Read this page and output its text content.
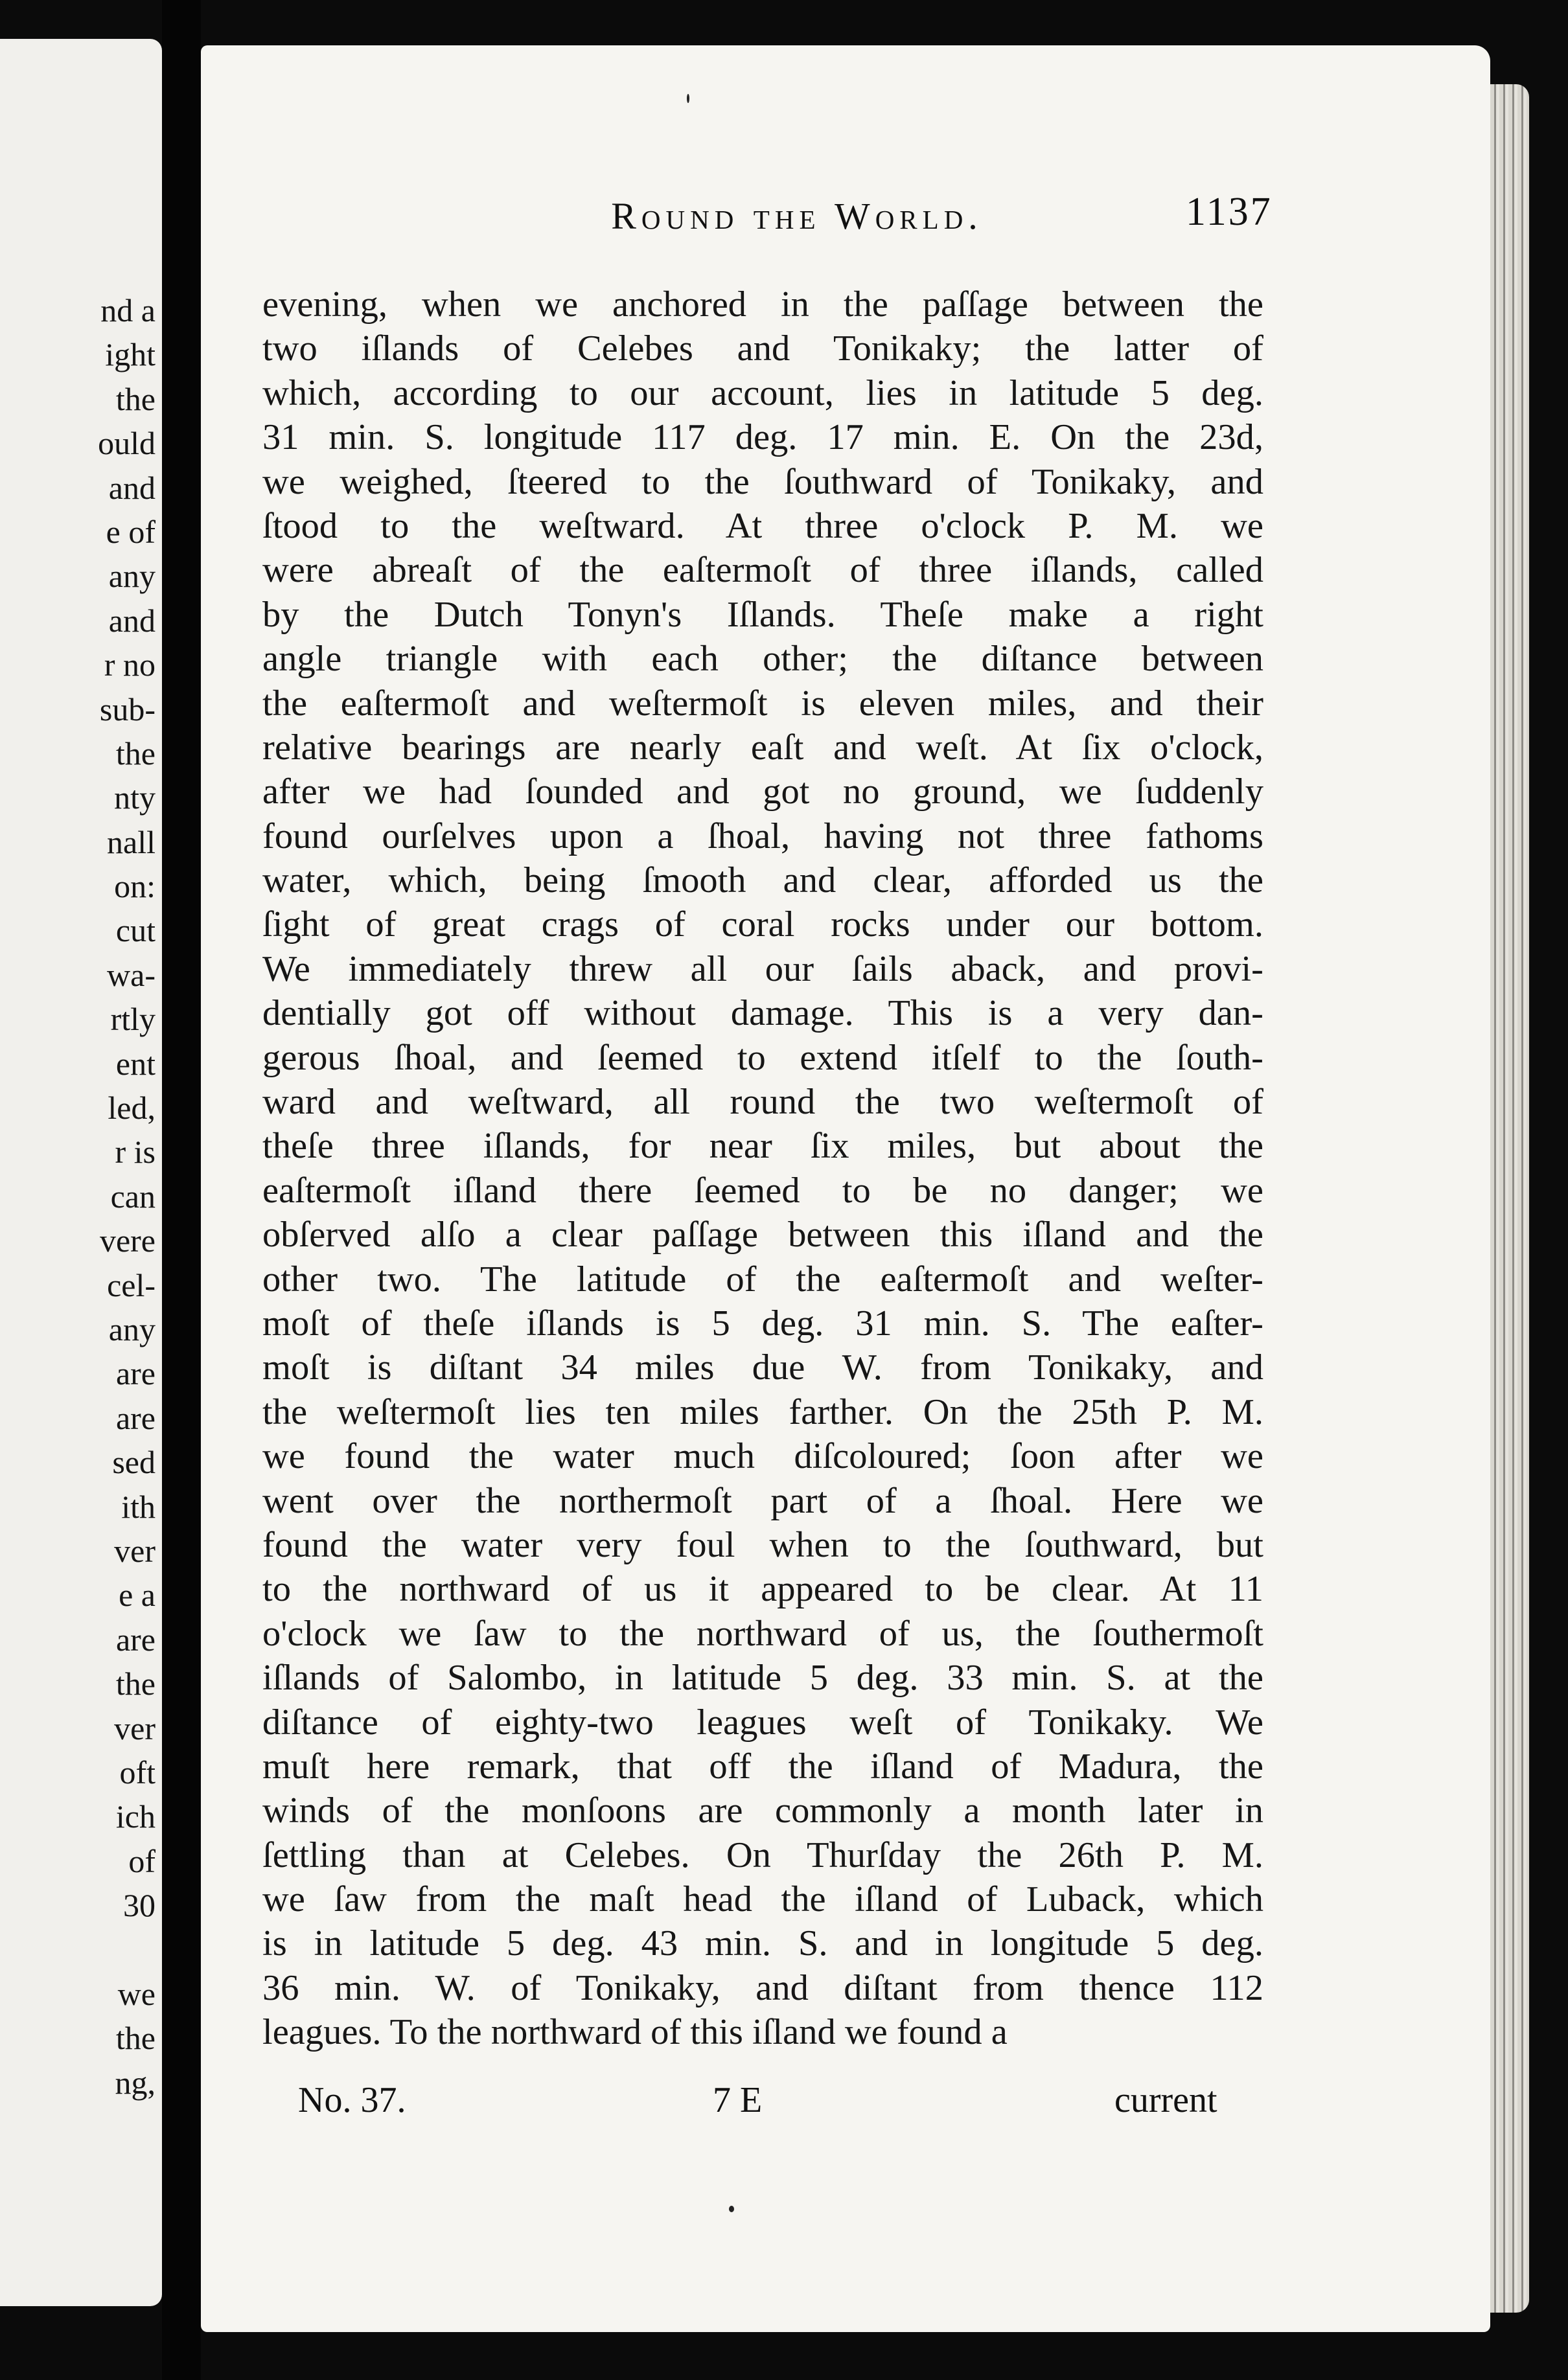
nd a
ight
the
ould
and
e of
any
and
r no
sub-
the
nty
nall
on:
cut
wa-
rtly
ent
led,
r is
can
vere
cel-
any
are
are
sed
ith
ver
e a
are
the
ver
oft
ich
of
30
we
the
ng,
Round the World.	1137
evening, when we anchored in the paſſage between the
two iſlands of Celebes and Tonikaky; the latter of
which, according to our account, lies in latitude 5 deg.
31 min. S. longitude 117 deg. 17 min. E. On the 23d,
we weighed, ſteered to the ſouthward of Tonikaky, and
ſtood to the weſtward. At three o'clock P. M. we
were abreaſt of the eaſtermoſt of three iſlands, called
by the Dutch Tonyn's Iſlands. Theſe make a right
angle triangle with each other; the diſtance between
the eaſtermoſt and weſtermoſt is eleven miles, and their
relative bearings are nearly eaſt and weſt. At ſix o'clock,
after we had ſounded and got no ground, we ſuddenly
found ourſelves upon a ſhoal, having not three fathoms
water, which, being ſmooth and clear, afforded us the
ſight of great crags of coral rocks under our bottom.
We immediately threw all our ſails aback, and provi-
dentially got off without damage. This is a very dan-
gerous ſhoal, and ſeemed to extend itſelf to the ſouth-
ward and weſtward, all round the two weſtermoſt of
theſe three iſlands, for near ſix miles, but about the
eaſtermoſt iſland there ſeemed to be no danger; we
obſerved alſo a clear paſſage between this iſland and the
other two. The latitude of the eaſtermoſt and weſter-
moſt of theſe iſlands is 5 deg. 31 min. S. The eaſter-
moſt is diſtant 34 miles due W. from Tonikaky, and
the weſtermoſt lies ten miles farther. On the 25th P. M.
we found the water much diſcoloured; ſoon after we
went over the northermoſt part of a ſhoal. Here we
found the water very foul when to the ſouthward, but
to the northward of us it appeared to be clear. At 11
o'clock we ſaw to the northward of us, the ſouthermoſt
iſlands of Salombo, in latitude 5 deg. 33 min. S. at the
diſtance of eighty-two leagues weſt of Tonikaky. We
muſt here remark, that off the iſland of Madura, the
winds of the monſoons are commonly a month later in
ſettling than at Celebes. On Thurſday the 26th P. M.
we ſaw from the maſt head the iſland of Luback, which
is in latitude 5 deg. 43 min. S. and in longitude 5 deg.
36 min. W. of Tonikaky, and diſtant from thence 112
leagues. To the northward of this iſland we found a
No. 37.	7 E	current
